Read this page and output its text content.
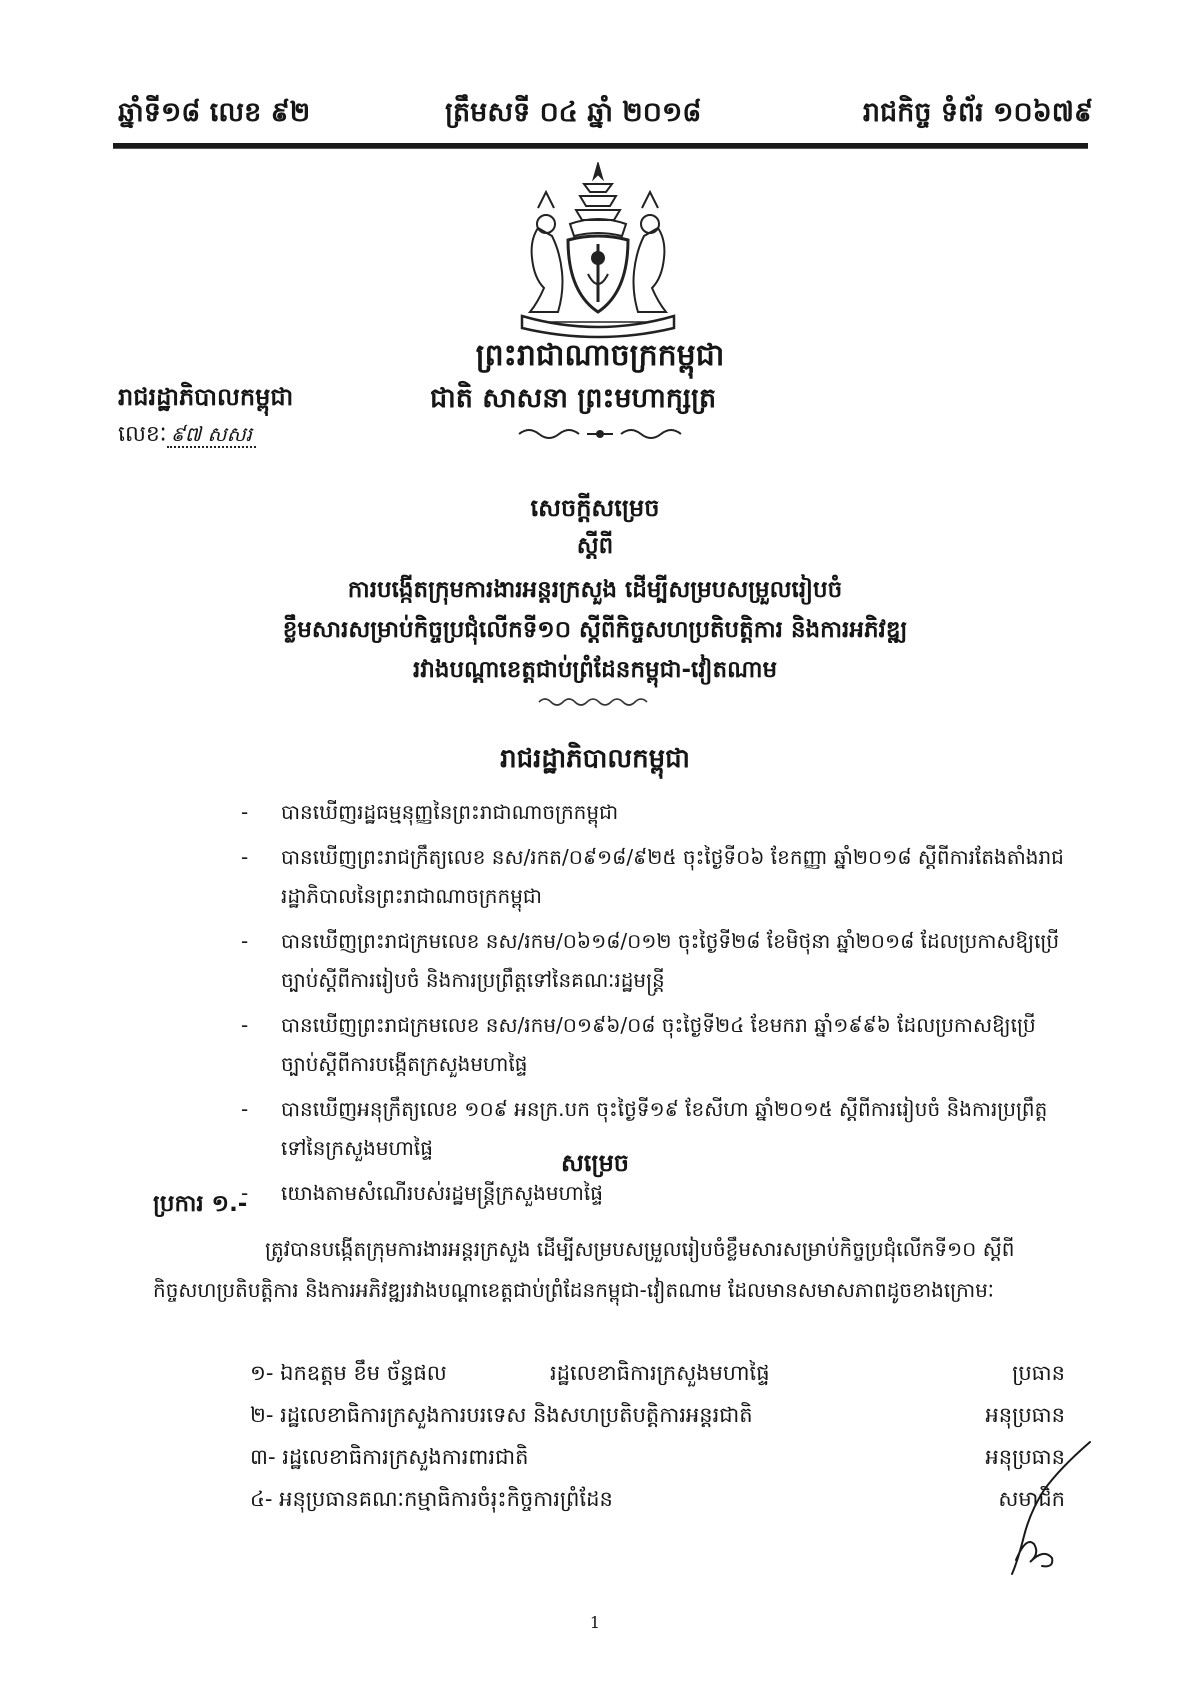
ឆ្នាំទី១៨ លេខ ៩២	ត្រឹមសទី ០៤ ឆ្នាំ ២០១៨	រាជកិច្ច ទំព័រ ១០៦៧៩
ព្រះរាជាណាចក្រកម្ពុជា
ជាតិ សាសនា ព្រះមហាក្សត្រ
រាជរដ្ឋាភិបាលកម្ពុជា
លេខៈ ៩៧ សសរ
សេចក្ដីសម្រេច
ស្ដីពី
ការបង្កើតក្រុមការងារអន្តរក្រសួង ដើម្បីសម្របសម្រួលរៀបចំ
ខ្លឹមសារសម្រាប់កិច្ចប្រជុំលើកទី១០ ស្ដីពីកិច្ចសហប្រតិបត្តិការ និងការអភិវឌ្ឍ
រវាងបណ្ដាខេត្តជាប់ព្រំដែនកម្ពុជា-វៀតណាម
រាជរដ្ឋាភិបាលកម្ពុជា
- បានឃើញរដ្ឋធម្មនុញ្ញនៃព្រះរាជាណាចក្រកម្ពុជា
- បានឃើញព្រះរាជក្រឹត្យលេខ នស/រកត/០៩១៨/៩២៥ ចុះថ្ងៃទី០៦ ខែកញ្ញា ឆ្នាំ២០១៨ ស្ដីពីការតែងតាំងរាជរដ្ឋាភិបាលនៃព្រះរាជាណាចក្រកម្ពុជា
- បានឃើញព្រះរាជក្រមលេខ នស/រកម/០៦១៨/០១២ ចុះថ្ងៃទី២៨ ខែមិថុនា ឆ្នាំ២០១៨ ដែលប្រកាសឱ្យប្រើច្បាប់ស្ដីពីការរៀបចំ និងការប្រព្រឹត្តទៅនៃគណៈរដ្ឋមន្ត្រី
- បានឃើញព្រះរាជក្រមលេខ នស/រកម/០១៩៦/០៨ ចុះថ្ងៃទី២៤ ខែមករា ឆ្នាំ១៩៩៦ ដែលប្រកាសឱ្យប្រើច្បាប់ស្ដីពីការបង្កើតក្រសួងមហាផ្ទៃ
- បានឃើញអនុក្រឹត្យលេខ ១០៩ អនក្រ.បក ចុះថ្ងៃទី១៩ ខែសីហា ឆ្នាំ២០១៥ ស្ដីពីការរៀបចំ និងការប្រព្រឹត្តទៅនៃក្រសួងមហាផ្ទៃ
- យោងតាមសំណើរបស់រដ្ឋមន្ត្រីក្រសួងមហាផ្ទៃ
សម្រេច
ប្រការ ១.-
ត្រូវបានបង្កើតក្រុមការងារអន្តរក្រសួង ដើម្បីសម្របសម្រួលរៀបចំខ្លឹមសារសម្រាប់កិច្ចប្រជុំលើកទី១០ ស្ដីពីកិច្ចសហប្រតិបត្តិការ និងការអភិវឌ្ឍរវាងបណ្ដាខេត្តជាប់ព្រំដែនកម្ពុជា-វៀតណាម ដែលមានសមាសភាពដូចខាងក្រោមៈ
១- ឯកឧត្តម ខឹម ច័ន្ទផល	រដ្ឋលេខាធិការក្រសួងមហាផ្ទៃ	ប្រធាន
២- រដ្ឋលេខាធិការក្រសួងការបរទេស និងសហប្រតិបត្តិការអន្តរជាតិ	អនុប្រធាន
៣- រដ្ឋលេខាធិការក្រសួងការពារជាតិ	អនុប្រធាន
៤- អនុប្រធានគណៈកម្មាធិការចំរុះកិច្ចការព្រំដែន	សមាជិក
1
